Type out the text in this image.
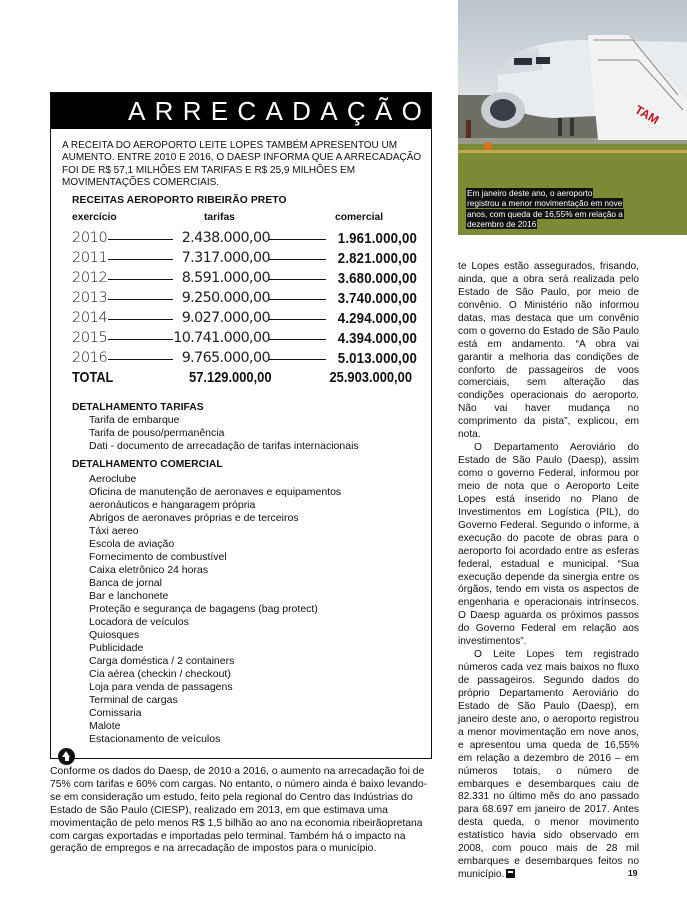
TAM
Em janeiro deste ano, o aeroporto registrou a menor movimentação em nove anos, com queda de 16,55% em relação a dezembro de 2016
ARRECADAÇÃO
A RECEITA DO AEROPORTO LEITE LOPES TAMBÉM APRESENTOU UM AUMENTO. ENTRE 2010 E 2016, O DAESP INFORMA QUE A ARRECADAÇÃO FOI DE R$ 57,1 MILHÕES EM TARIFAS E R$ 25,9 MILHÕES EM MOVIMENTAÇÕES COMERCIAIS.
RECEITAS AEROPORTO RIBEIRÃO PRETO
exercício	tarifas	comercial
2010	2.438.000,00	1.961.000,00
2011	7.317.000,00	2.821.000,00
2012	8.591.000,00	3.680.000,00
2013	9.250.000,00	3.740.000,00
2014	9.027.000,00	4.294.000,00
2015	10.741.000,00	4.394.000,00
2016	9.765.000,00	5.013.000,00
TOTAL	57.129.000,00	25.903.000,00
DETALHAMENTO TARIFAS
Tarifa de embarque
Tarifa de pouso/permanência
Dati - documento de arrecadação de tarifas internacionais
DETALHAMENTO COMERCIAL
Aeroclube
Oficina de manutenção de aeronaves e equipamentos
aeronáuticos e hangaragem própria
Abrigos de aeronaves próprias e de terceiros
Táxi aereo
Escola de aviação
Fornecimento de combustível
Caixa eletrônico 24 horas
Banca de jornal
Bar e lanchonete
Proteção e segurança de bagagens (bag protect)
Locadora de veículos
Quiosques
Publicidade
Carga doméstica / 2 containers
Cia aérea (checkin / checkout)
Loja para venda de passagens
Terminal de cargas
Comissaria
Malote
Estacionamento de veículos
Conforme os dados do Daesp, de 2010 a 2016, o aumento na arrecadação foi de 75% com tarifas e 60% com cargas. No entanto, o número ainda é baixo levando-se em consideração um estudo, feito pela regional do Centro das Indústrias do Estado de São Paulo (CIESP), realizado em 2013, em que estimava uma movimentação de pelo menos R$ 1,5 bilhão ao ano na economia ribeirãopretana com cargas exportadas e importadas pelo terminal. Também há o impacto na geração de empregos e na arrecadação de impostos para o município.

te Lopes estão assegurados, frisando, ainda, que a obra será realizada pelo Estado de São Paulo, por meio de convênio. O Ministério não informou datas, mas destaca que um convênio com o governo do Estado de São Paulo está em andamento. “A obra vai garantir a melhoria das condições de conforto de passageiros de voos comerciais, sem alteração das condições operacionais do aeroporto. Não vai haver mudança no comprimento da pista”, explicou, em nota.

O Departamento Aeroviário do Estado de São Paulo (Daesp), assim como o governo Federal, informou por meio de nota que o Aeroporto Leite Lopes está inserido no Plano de Investimentos em Logística (PIL), do Governo Federal. Segundo o informe, a execução do pacote de obras para o aeroporto foi acordado entre as esferas federal, estadual e municipal. “Sua execução depende da sinergia entre os órgãos, tendo em vista os aspectos de engenharia e operacionais intrínsecos. O Daesp aguarda os próximos passos do Governo Federal em relação aos investimentos”.

O Leite Lopes tem registrado números cada vez mais baixos no fluxo de passageiros. Segundo dados do próprio Departamento Aeroviário do Estado de São Paulo (Daesp), em janeiro deste ano, o aeroporto registrou a menor movimentação em nove anos, e apresentou uma queda de 16,55% em relação a dezembro de 2016 – em números totais, o número de embarques e desembarques caiu de 82.331 no último mês do ano passado para 68.697 em janeiro de 2017. Antes desta queda, o menor movimento estatístico havia sido observado em 2008, com pouco mais de 28 mil embarques e desembarques feitos no município.	19
